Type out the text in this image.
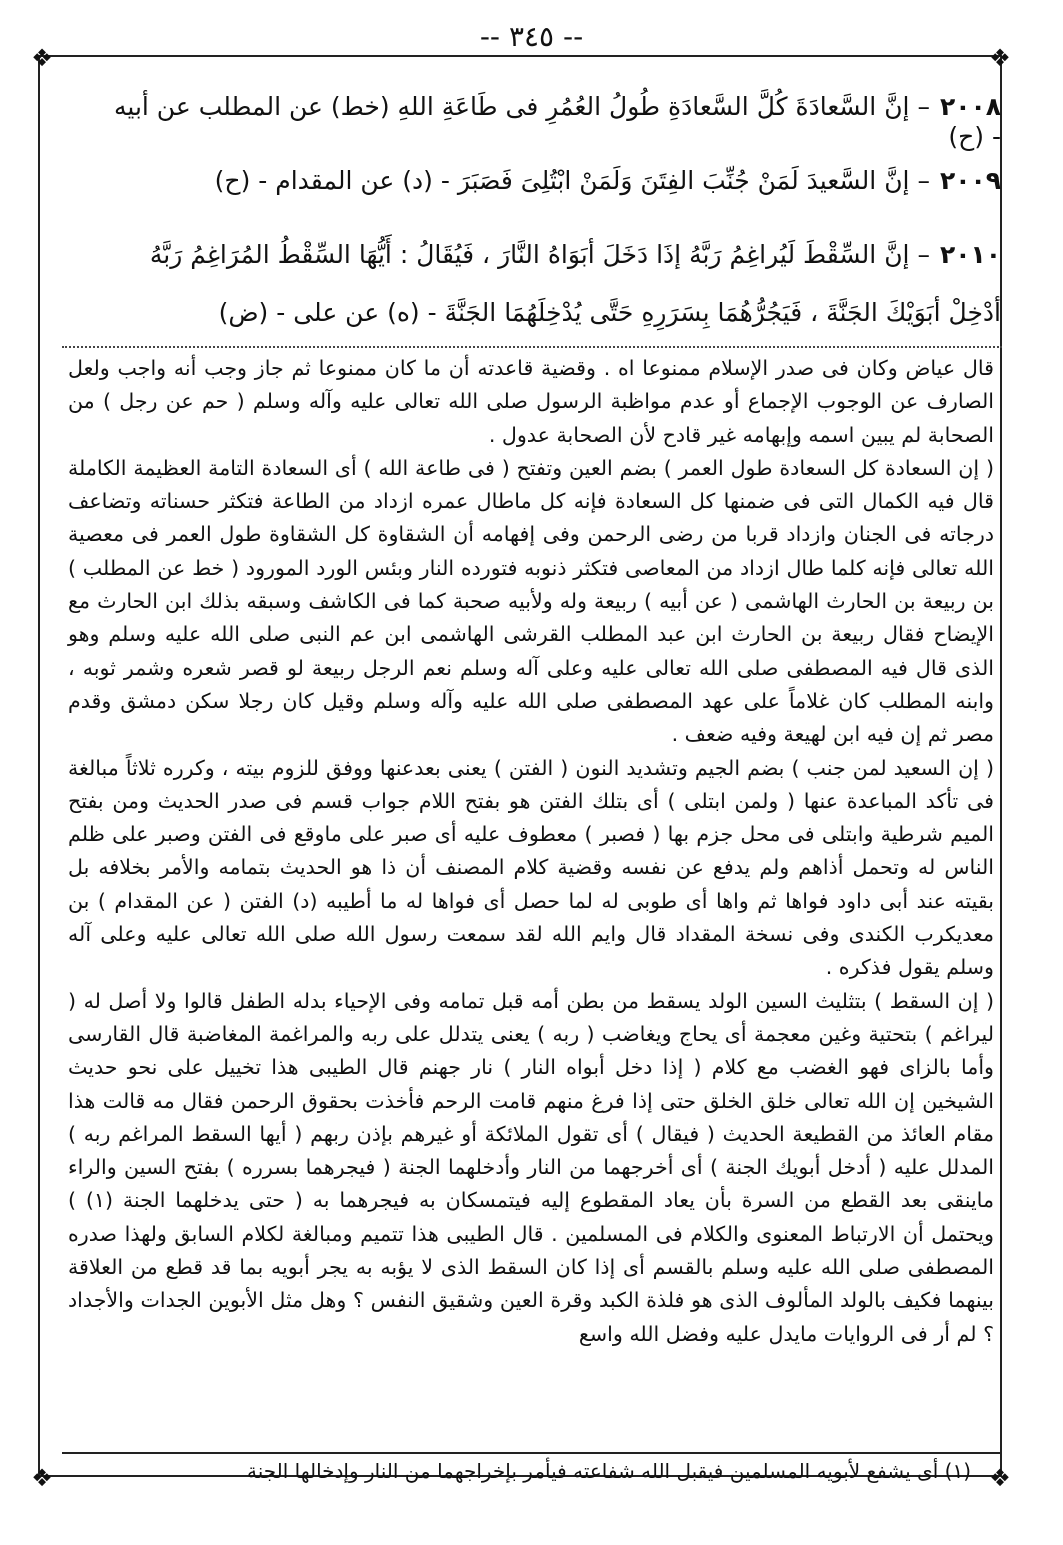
❖	❖
❖	❖
-- ٣٤٥ --
٢٠٠٨– إنَّ السَّعادَةَ كُلَّ السَّعادَةِ طُولُ العُمُرِ فى طَاعَةِ اللهِ (خط) عن المطلب عن أبيه - (ح)
٢٠٠٩– إنَّ السَّعيدَ لَمَنْ جُنِّبَ الفِتَنَ وَلَمَنْ ابْتُلِىَ فَصَبَرَ - (د) عن المقدام - (ح)
٢٠١٠– إنَّ السِّقْطَ لَيُراغِمُ رَبَّهُ إذَا دَخَلَ أبَوَاهُ النَّارَ ، فَيُقَالُ : أَيُّهَا السِّقْطُ المُرَاغِمُ رَبَّهُ أدْخِلْ أبَوَيْكَ الجَنَّةَ ، فَيَجُرُّهُمَا بِسَرَرِهِ حَتَّى يُدْخِلَهُمَا الجَنَّةَ - (ه) عن على - (ض)

قال عياض وكان فى صدر الإسلام ممنوعا اه . وقضية قاعدته أن ما كان ممنوعا ثم جاز وجب أنه واجب ولعل الصارف عن الوجوب الإجماع أو عدم مواظبة الرسول صلى الله تعالى عليه وآله وسلم ( حم عن رجل ) من الصحابة لم يبين اسمه وإبهامه غير قادح لأن الصحابة عدول .

( إن السعادة كل السعادة طول العمر ) بضم العين وتفتح ( فى طاعة الله ) أى السعادة التامة العظيمة الكاملة قال فيه الكمال التى فى ضمنها كل السعادة فإنه كل ماطال عمره ازداد من الطاعة فتكثر حسناته وتضاعف درجاته فى الجنان وازداد قربا من رضى الرحمن وفى إفهامه أن الشقاوة كل الشقاوة طول العمر فى معصية الله تعالى فإنه كلما طال ازداد من المعاصى فتكثر ذنوبه فتورده النار وبئس الورد المورود ( خط عن المطلب ) بن ربيعة بن الحارث الهاشمى ( عن أبيه ) ربيعة وله ولأبيه صحبة كما فى الكاشف وسبقه بذلك ابن الحارث مع الإيضاح فقال ربيعة بن الحارث ابن عبد المطلب القرشى الهاشمى ابن عم النبى صلى الله عليه وسلم وهو الذى قال فيه المصطفى صلى الله تعالى عليه وعلى آله وسلم نعم الرجل ربيعة لو قصر شعره وشمر ثوبه ، وابنه المطلب كان غلاماً على عهد المصطفى صلى الله عليه وآله وسلم وقيل كان رجلا سكن دمشق وقدم مصر ثم إن فيه ابن لهيعة وفيه ضعف .

( إن السعيد لمن جنب ) بضم الجيم وتشديد النون ( الفتن ) يعنى بعدعنها ووفق للزوم بيته ، وكرره ثلاثاً مبالغة فى تأكد المباعدة عنها ( ولمن ابتلى ) أى بتلك الفتن هو بفتح اللام جواب قسم فى صدر الحديث ومن بفتح الميم شرطية وابتلى فى محل جزم بها ( فصبر ) معطوف عليه أى صبر على ماوقع فى الفتن وصبر على ظلم الناس له وتحمل أذاهم ولم يدفع عن نفسه وقضية كلام المصنف أن ذا هو الحديث بتمامه والأمر بخلافه بل بقيته عند أبى داود فواها ثم واها أى طوبى له لما حصل أى فواها له ما أطيبه (د) الفتن ( عن المقدام ) بن معديكرب الكندى وفى نسخة المقداد قال وايم الله لقد سمعت رسول الله صلى الله تعالى عليه وعلى آله وسلم يقول فذكره .

( إن السقط ) بتثليث السين الولد يسقط من بطن أمه قبل تمامه وفى الإحياء بدله الطفل قالوا ولا أصل له ( ليراغم ) بتحتية وغين معجمة أى يحاج ويغاضب ( ربه ) يعنى يتدلل على ربه والمراغمة المغاضبة قال القارسى وأما بالزاى فهو الغضب مع كلام ( إذا دخل أبواه النار ) نار جهنم قال الطيبى هذا تخييل على نحو حديث الشيخين إن الله تعالى خلق الخلق حتى إذا فرغ منهم قامت الرحم فأخذت بحقوق الرحمن فقال مه قالت هذا مقام العائذ من القطيعة الحديث ( فيقال ) أى تقول الملائكة أو غيرهم بإذن ربهم ( أيها السقط المراغم ربه ) المدلل عليه ( أدخل أبويك الجنة ) أى أخرجهما من النار وأدخلهما الجنة ( فيجرهما بسرره ) بفتح السين والراء ماينقى بعد القطع من السرة بأن يعاد المقطوع إليه فيتمسكان به فيجرهما به ( حتى يدخلهما الجنة (١) ) ويحتمل أن الارتباط المعنوى والكلام فى المسلمين . قال الطيبى هذا تتميم ومبالغة لكلام السابق ولهذا صدره المصطفى صلى الله عليه وسلم بالقسم أى إذا كان السقط الذى لا يؤبه به يجر أبويه بما قد قطع من العلاقة بينهما فكيف بالولد المألوف الذى هو فلذة الكبد وقرة العين وشقيق النفس ؟ وهل مثل الأبوين الجدات والأجداد ؟ لم أر فى الروايات مايدل عليه وفضل الله واسع

(١) أى يشفع لأبويه المسلمين فيقبل الله شفاعته فيأمر بإخراجهما من النار وإدخالها الجنة
